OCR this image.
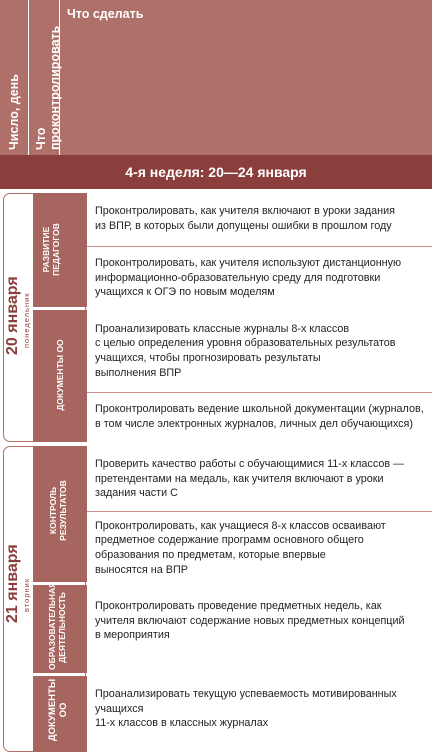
Число, день Что проконтролировать
Что сделать
4-я неделя: 20—24 января
20 января понедельник
21 января вторник
РАЗВИТИЕ ПЕДАГОГОВ
ДОКУМЕНТЫ ОО
КОНТРОЛЬ РЕЗУЛЬТАТОВ
ОБРАЗОВАТЕЛЬНАЯ ДЕЯТЕЛЬНОСТЬ
ДОКУМЕНТЫ ОО
Проконтролировать, как учителя включают в уроки задания
из ВПР, в которых были допущены ошибки в прошлом году
Проконтролировать, как учителя используют дистанционную
информационно-образовательную среду для подготовки
учащихся к ОГЭ по новым моделям
Проанализировать классные журналы 8-х классов
с целью определения уровня образовательных результатов
учащихся, чтобы прогнозировать результаты
выполнения ВПР
Проконтролировать ведение школьной документации (журналов,
в том числе электронных журналов, личных дел обучающихся)
Проверить качество работы с обучающимися 11-х классов —
претендентами на медаль, как учителя включают в уроки
задания части С
Проконтролировать, как учащиеся 8-х классов осваивают
предметное содержание программ основного общего
образования по предметам, которые впервые
выносятся на ВПР
Проконтролировать проведение предметных недель, как
учителя включают содержание новых предметных концепций
в мероприятия
Проанализировать текущую успеваемость мотивированных
учащихся
11-х классов в классных журналах
